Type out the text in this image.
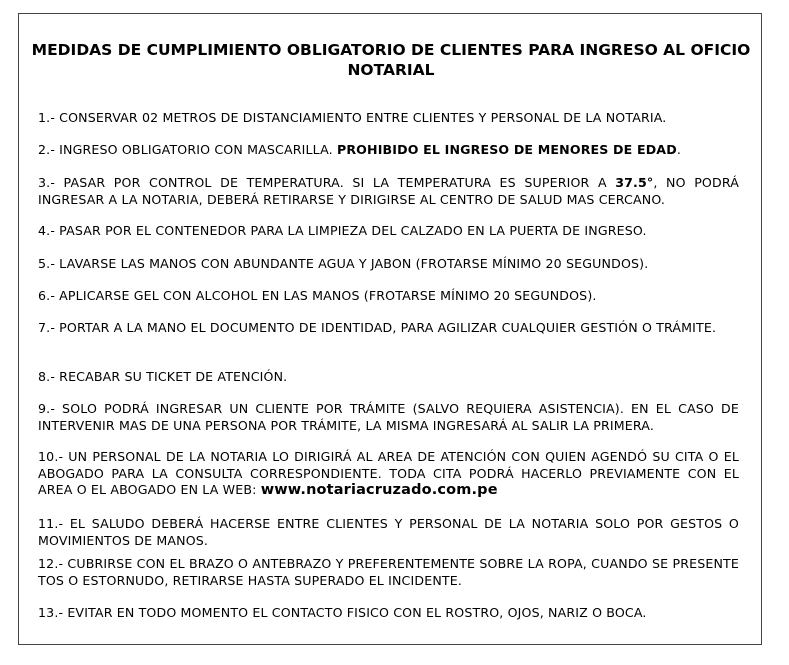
MEDIDAS DE CUMPLIMIENTO OBLIGATORIO DE CLIENTES PARA INGRESO AL OFICIO NOTARIAL

1.- CONSERVAR 02 METROS DE DISTANCIAMIENTO ENTRE CLIENTES Y PERSONAL DE LA NOTARIA.

2.- INGRESO OBLIGATORIO CON MASCARILLA. PROHIBIDO EL INGRESO DE MENORES DE EDAD.

3.- PASAR POR CONTROL DE TEMPERATURA. SI LA TEMPERATURA ES SUPERIOR A 37.5°, NO PODRÁ INGRESAR A LA NOTARIA, DEBERÁ RETIRARSE Y DIRIGIRSE AL CENTRO DE SALUD MAS CERCANO.

4.- PASAR POR EL CONTENEDOR PARA LA LIMPIEZA DEL CALZADO EN LA PUERTA DE INGRESO.

5.- LAVARSE LAS MANOS CON ABUNDANTE AGUA Y JABON (FROTARSE MÍNIMO 20 SEGUNDOS).

6.- APLICARSE GEL CON ALCOHOL EN LAS MANOS (FROTARSE MÍNIMO 20 SEGUNDOS).

7.- PORTAR A LA MANO EL DOCUMENTO DE IDENTIDAD, PARA AGILIZAR CUALQUIER GESTIÓN O TRÁMITE.

8.- RECABAR SU TICKET DE ATENCIÓN.

9.- SOLO PODRÁ INGRESAR UN CLIENTE POR TRÁMITE (SALVO REQUIERA ASISTENCIA). EN EL CASO DE INTERVENIR MAS DE UNA PERSONA POR TRÁMITE, LA MISMA INGRESARÁ AL SALIR LA PRIMERA.

10.- UN PERSONAL DE LA NOTARIA LO DIRIGIRÁ AL AREA DE ATENCIÓN CON QUIEN AGENDÓ SU CITA O EL ABOGADO PARA LA CONSULTA CORRESPONDIENTE. TODA CITA PODRÁ HACERLO PREVIAMENTE CON EL AREA O EL ABOGADO EN LA WEB: www.notariacruzado.com.pe

11.- EL SALUDO DEBERÁ HACERSE ENTRE CLIENTES Y PERSONAL DE LA NOTARIA SOLO POR GESTOS O MOVIMIENTOS DE MANOS.

12.- CUBRIRSE CON EL BRAZO O ANTEBRAZO Y PREFERENTEMENTE SOBRE LA ROPA, CUANDO SE PRESENTE TOS O ESTORNUDO, RETIRARSE HASTA SUPERADO EL INCIDENTE.

13.- EVITAR EN TODO MOMENTO EL CONTACTO FISICO CON EL ROSTRO, OJOS, NARIZ O BOCA.
